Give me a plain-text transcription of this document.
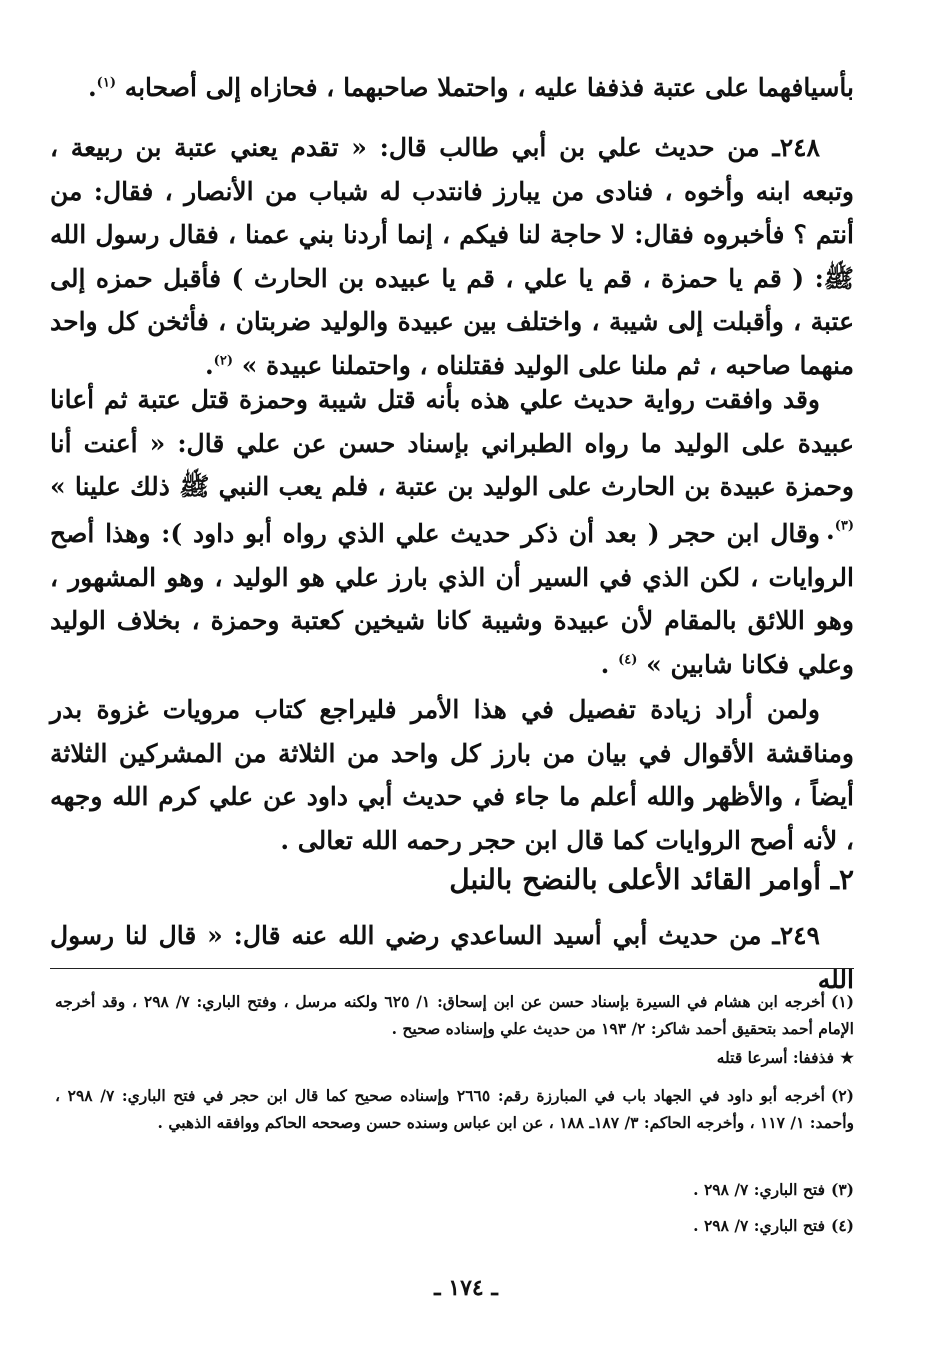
بأسيافهما على عتبة فذففا عليه ، واحتملا صاحبهما ، فحازاه إلى أصحابه $^{(١)}$.

٢٤٨ـ من حديث علي بن أبي طالب قال: « تقدم يعني عتبة بن ربيعة ، وتبعه ابنه وأخوه ، فنادى من يبارز فانتدب له شباب من الأنصار ، فقال: من أنتم ؟ فأخبروه فقال: لا حاجة لنا فيكم ، إنما أردنا بني عمنا ، فقال رسول الله ﷺ: ( قم يا حمزة ، قم يا علي ، قم يا عبيده بن الحارث ) فأقبل حمزه إلى عتبة ، وأقبلت إلى شيبة ، واختلف بين عبيدة والوليد ضربتان ، فأثخن كل واحد منهما صاحبه ، ثم ملنا على الوليد فقتلناه ، واحتملنا عبيدة » $^{(٢)}$.

وقد وافقت رواية حديث علي هذه بأنه قتل شيبة وحمزة قتل عتبة ثم أعانا عبيدة على الوليد ما رواه الطبراني بإسناد حسن عن علي قال: « أعنت أنا وحمزة عبيدة بن الحارث على الوليد بن عتبة ، فلم يعب النبي ﷺ ذلك علينا » $^{(٣)}$.

وقال ابن حجر ( بعد أن ذكر حديث علي الذي رواه أبو داود ): وهذا أصح الروايات ، لكن الذي في السير أن الذي بارز علي هو الوليد ، وهو المشهور ، وهو اللائق بالمقام لأن عبيدة وشيبة كانا شيخين كعتبة وحمزة ، بخلاف الوليد وعلي فكانا شابين » $^{(٤)}$ .

ولمن أراد زيادة تفصيل في هذا الأمر فليراجع كتاب مرويات غزوة بدر ومناقشة الأقوال في بيان من بارز كل واحد من الثلاثة من المشركين الثلاثة أيضاً ، والأظهر والله أعلم ما جاء في حديث أبي داود عن علي كرم الله وجهه ، لأنه أصح الروايات كما قال ابن حجر رحمه الله تعالى .

٢ـ أوامر القائد الأعلى بالنضح بالنبل

٢٤٩ـ من حديث أبي أسيد الساعدي رضي الله عنه قال: « قال لنا رسول الله

(١)أخرجه ابن هشام في السيرة بإسناد حسن عن ابن إسحاق: ١/ ٦٢٥ ولكنه مرسل ، وفتح الباري: ٧/ ٢٩٨ ، وقد أخرجه الإمام أحمد بتحقيق أحمد شاكر: ٢/ ١٩٣ من حديث علي وإسناده صحيح .

★فذففا: أسرعا قتله

(٢)أخرجه أبو داود في الجهاد باب في المبارزة رقم: ٢٦٦٥ وإسناده صحيح كما قال ابن حجر في فتح الباري: ٧/ ٢٩٨ ، وأحمد: ١/ ١١٧ ، وأخرجه الحاكم: ٣/ ١٨٧ـ ١٨٨ ، عن ابن عباس وسنده حسن وصححه الحاكم ووافقه الذهبي .

(٣)فتح الباري: ٧/ ٢٩٨ .

(٤)فتح الباري: ٧/ ٢٩٨ .

ـ ١٧٤ ـ
